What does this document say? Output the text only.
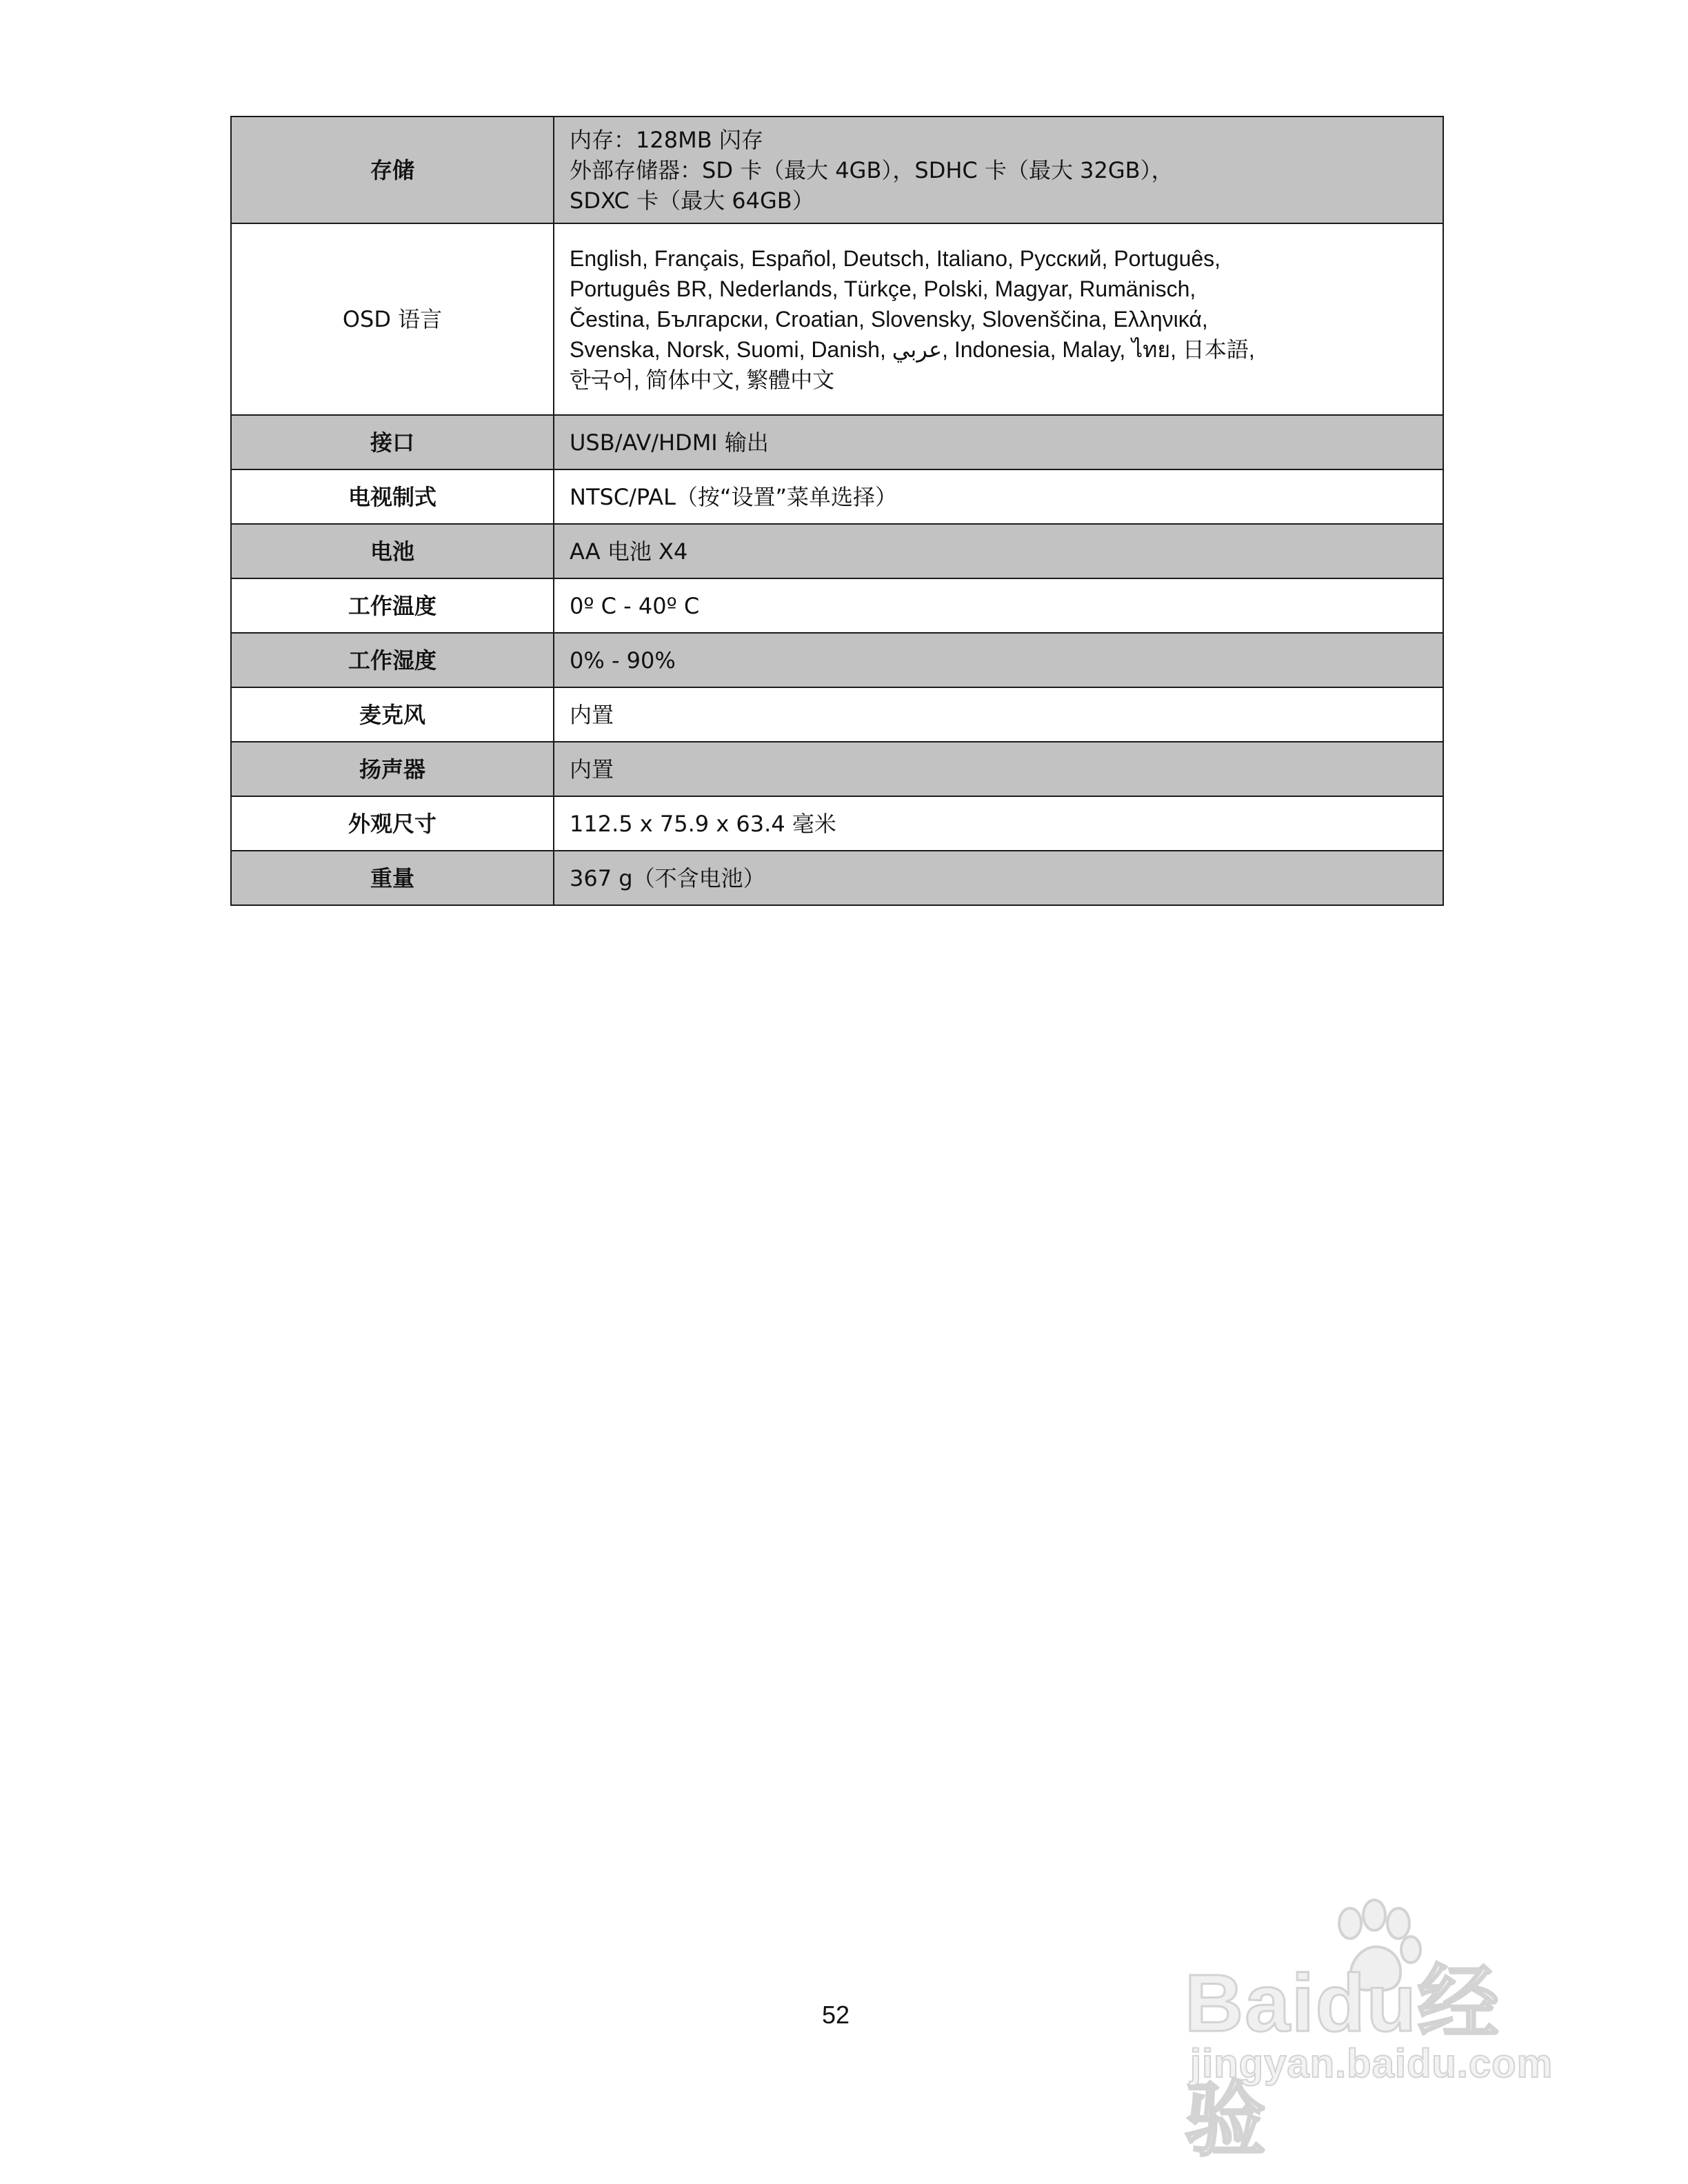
存储	内存：128MB 闪存
外部存储器：SD 卡（最大 4GB），SDHC 卡（最大 32GB），
SDXC 卡（最大 64GB）

OSD 语言	English, Français, Español, Deutsch, Italiano, Русский, Português,
Português BR, Nederlands, Türkçe, Polski, Magyar, Rumänisch,
Čestina, Български, Croatian, Slovensky, Slovenščina, Ελληνικά,
Svenska, Norsk, Suomi, Danish, عربي, Indonesia, Malay, ไทย, 日本語,
한국어, 简体中文, 繁體中文

接口	USB/AV/HDMI 输出
电视制式	NTSC/PAL（按“设置”菜单选择）
电池	AA 电池 X4
工作温度	0º C - 40º C
工作湿度	0% - 90%
麦克风	内置
扬声器	内置
外观尺寸	112.5 x 75.9 x 63.4 毫米
重量	367 g（不含电池）
52	Baidu经验
jingyan.baidu.com
